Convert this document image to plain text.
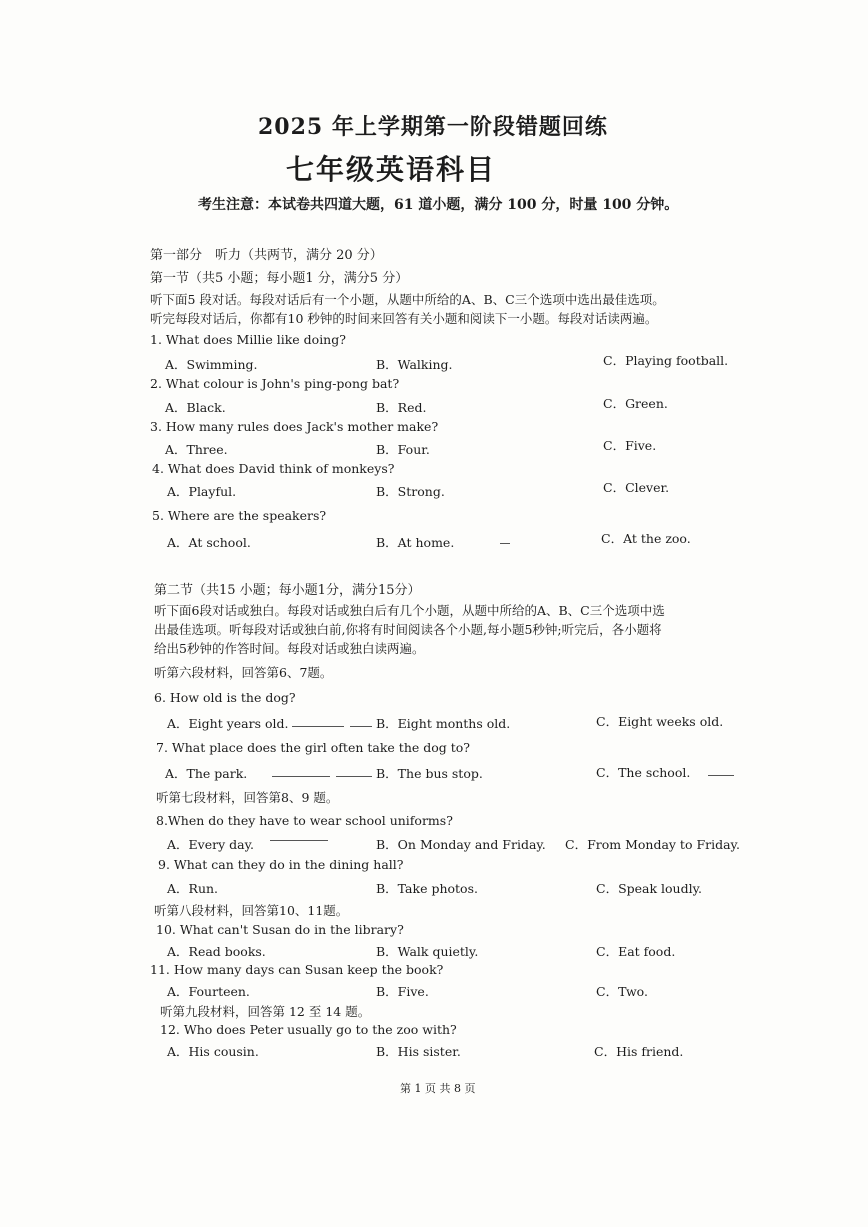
2025 年上学期第一阶段错题回练
七年级英语科目
考生注意：本试卷共四道大题，61 道小题，满分 100 分，时量 100 分钟。
第一部分　听力（共两节，满分 20 分）
第一节（共5 小题；每小题1 分，满分5 分）
听下面5 段对话。每段对话后有一个小题，从题中所给的A、B、C三个选项中选出最佳选项。
听完每段对话后，你都有10 秒钟的时间来回答有关小题和阅读下一小题。每段对话读两遍。
1. What does Millie like doing?
A．Swimming.	B．Walking.	C．Playing football.
2. What colour is John's ping-pong bat?
A．Black.	B．Red.	C．Green.
3. How many rules does Jack's mother make?
A．Three.	B．Four.	C．Five.
4. What does David think of monkeys?
A．Playful.	B．Strong.	C．Clever.
5. Where are the speakers?
A．At school.	B．At home.	C．At the zoo.
第二节（共15 小题；每小题1分，满分15分）
听下面6段对话或独白。每段对话或独白后有几个小题，从题中所给的A、B、C三个选项中选
出最佳选项。听每段对话或独白前,你将有时间阅读各个小题,每小题5秒钟;听完后，各小题将
给出5秒钟的作答时间。每段对话或独白读两遍。
听第六段材料，回答第6、7题。
6. How old is the dog?
A．Eight years old.	B．Eight months old.	C．Eight weeks old.
7. What place does the girl often take the dog to?
A．The park.	B．The bus stop.	C．The school.
听第七段材料，回答第8、9 题。
8.When do they have to wear school uniforms?
A．Every day.	B．On Monday and Friday. C．From Monday to Friday.
9. What can they do in the dining hall?
A．Run.	B．Take photos.	C．Speak loudly.
听第八段材料，回答第10、11题。
10. What can't Susan do in the library?
A．Read books.	B．Walk quietly.	C．Eat food.
11. How many days can Susan keep the book?
A．Fourteen.	B．Five.	C．Two.
听第九段材料，回答第 12 至 14 题。
12. Who does Peter usually go to the zoo with?
A．His cousin.	B．His sister.	C．His friend.
第 1 页 共 8 页
